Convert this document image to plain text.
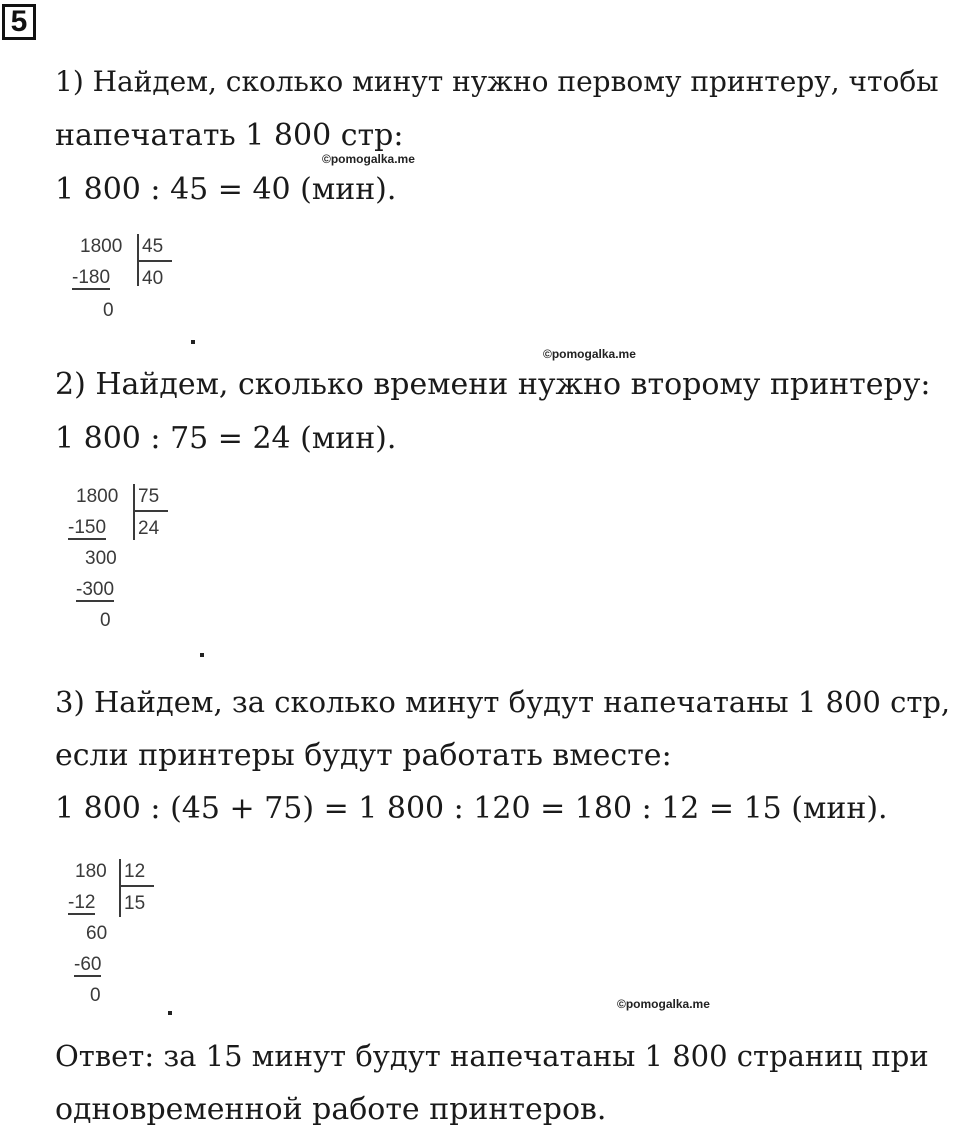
5
1) Найдем, сколько минут нужно первому принтеру, чтобы
напечатать 1 800 стр:
©pomogalka.me
1 800 : 45 = 40 (мин).
1800 45
-180 40
0
©pomogalka.me
2) Найдем, сколько времени нужно второму принтеру:
1 800 : 75 = 24 (мин).
1800 75
-150 24
300
-300
0
3) Найдем, за сколько минут будут напечатаны 1 800 стр,
если принтеры будут работать вместе:
1 800 : (45 + 75) = 1 800 : 120 = 180 : 12 = 15 (мин).
180 12
-12 15
60
-60
0	©pomogalka.me
Ответ: за 15 минут будут напечатаны 1 800 страниц при
одновременной работе принтеров.
